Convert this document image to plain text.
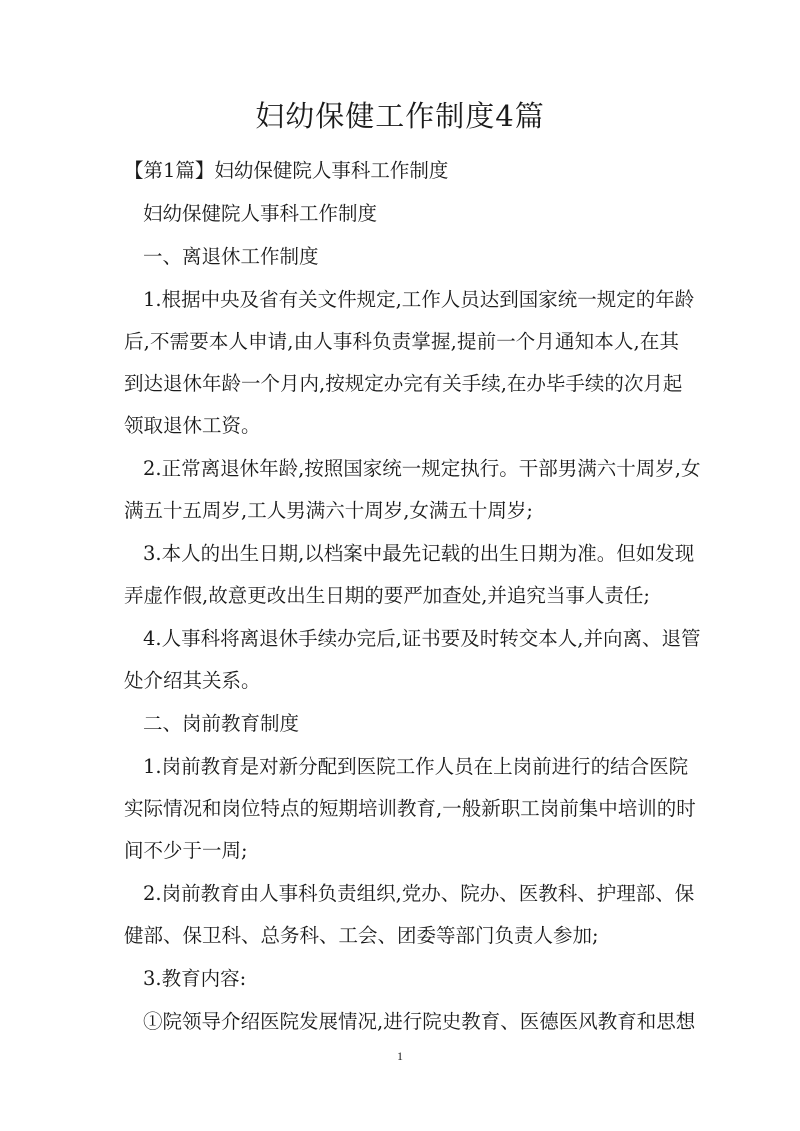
妇幼保健工作制度4篇
【第1篇】妇幼保健院人事科工作制度
妇幼保健院人事科工作制度
一、离退休工作制度
1.根据中央及省有关文件规定,工作人员达到国家统一规定的年龄
后,不需要本人申请,由人事科负责掌握,提前一个月通知本人,在其
到达退休年龄一个月内,按规定办完有关手续,在办毕手续的次月起
领取退休工资。
2.正常离退休年龄,按照国家统一规定执行。干部男满六十周岁,女
满五十五周岁,工人男满六十周岁,女满五十周岁;
3.本人的出生日期,以档案中最先记载的出生日期为准。但如发现
弄虚作假,故意更改出生日期的要严加查处,并追究当事人责任;
4.人事科将离退休手续办完后,证书要及时转交本人,并向离、退管
处介绍其关系。
二、岗前教育制度
1.岗前教育是对新分配到医院工作人员在上岗前进行的结合医院
实际情况和岗位特点的短期培训教育,一般新职工岗前集中培训的时
间不少于一周;
2.岗前教育由人事科负责组织,党办、院办、医教科、护理部、保
健部、保卫科、总务科、工会、团委等部门负责人参加;
3.教育内容:
①院领导介绍医院发展情况,进行院史教育、医德医风教育和思想
1
